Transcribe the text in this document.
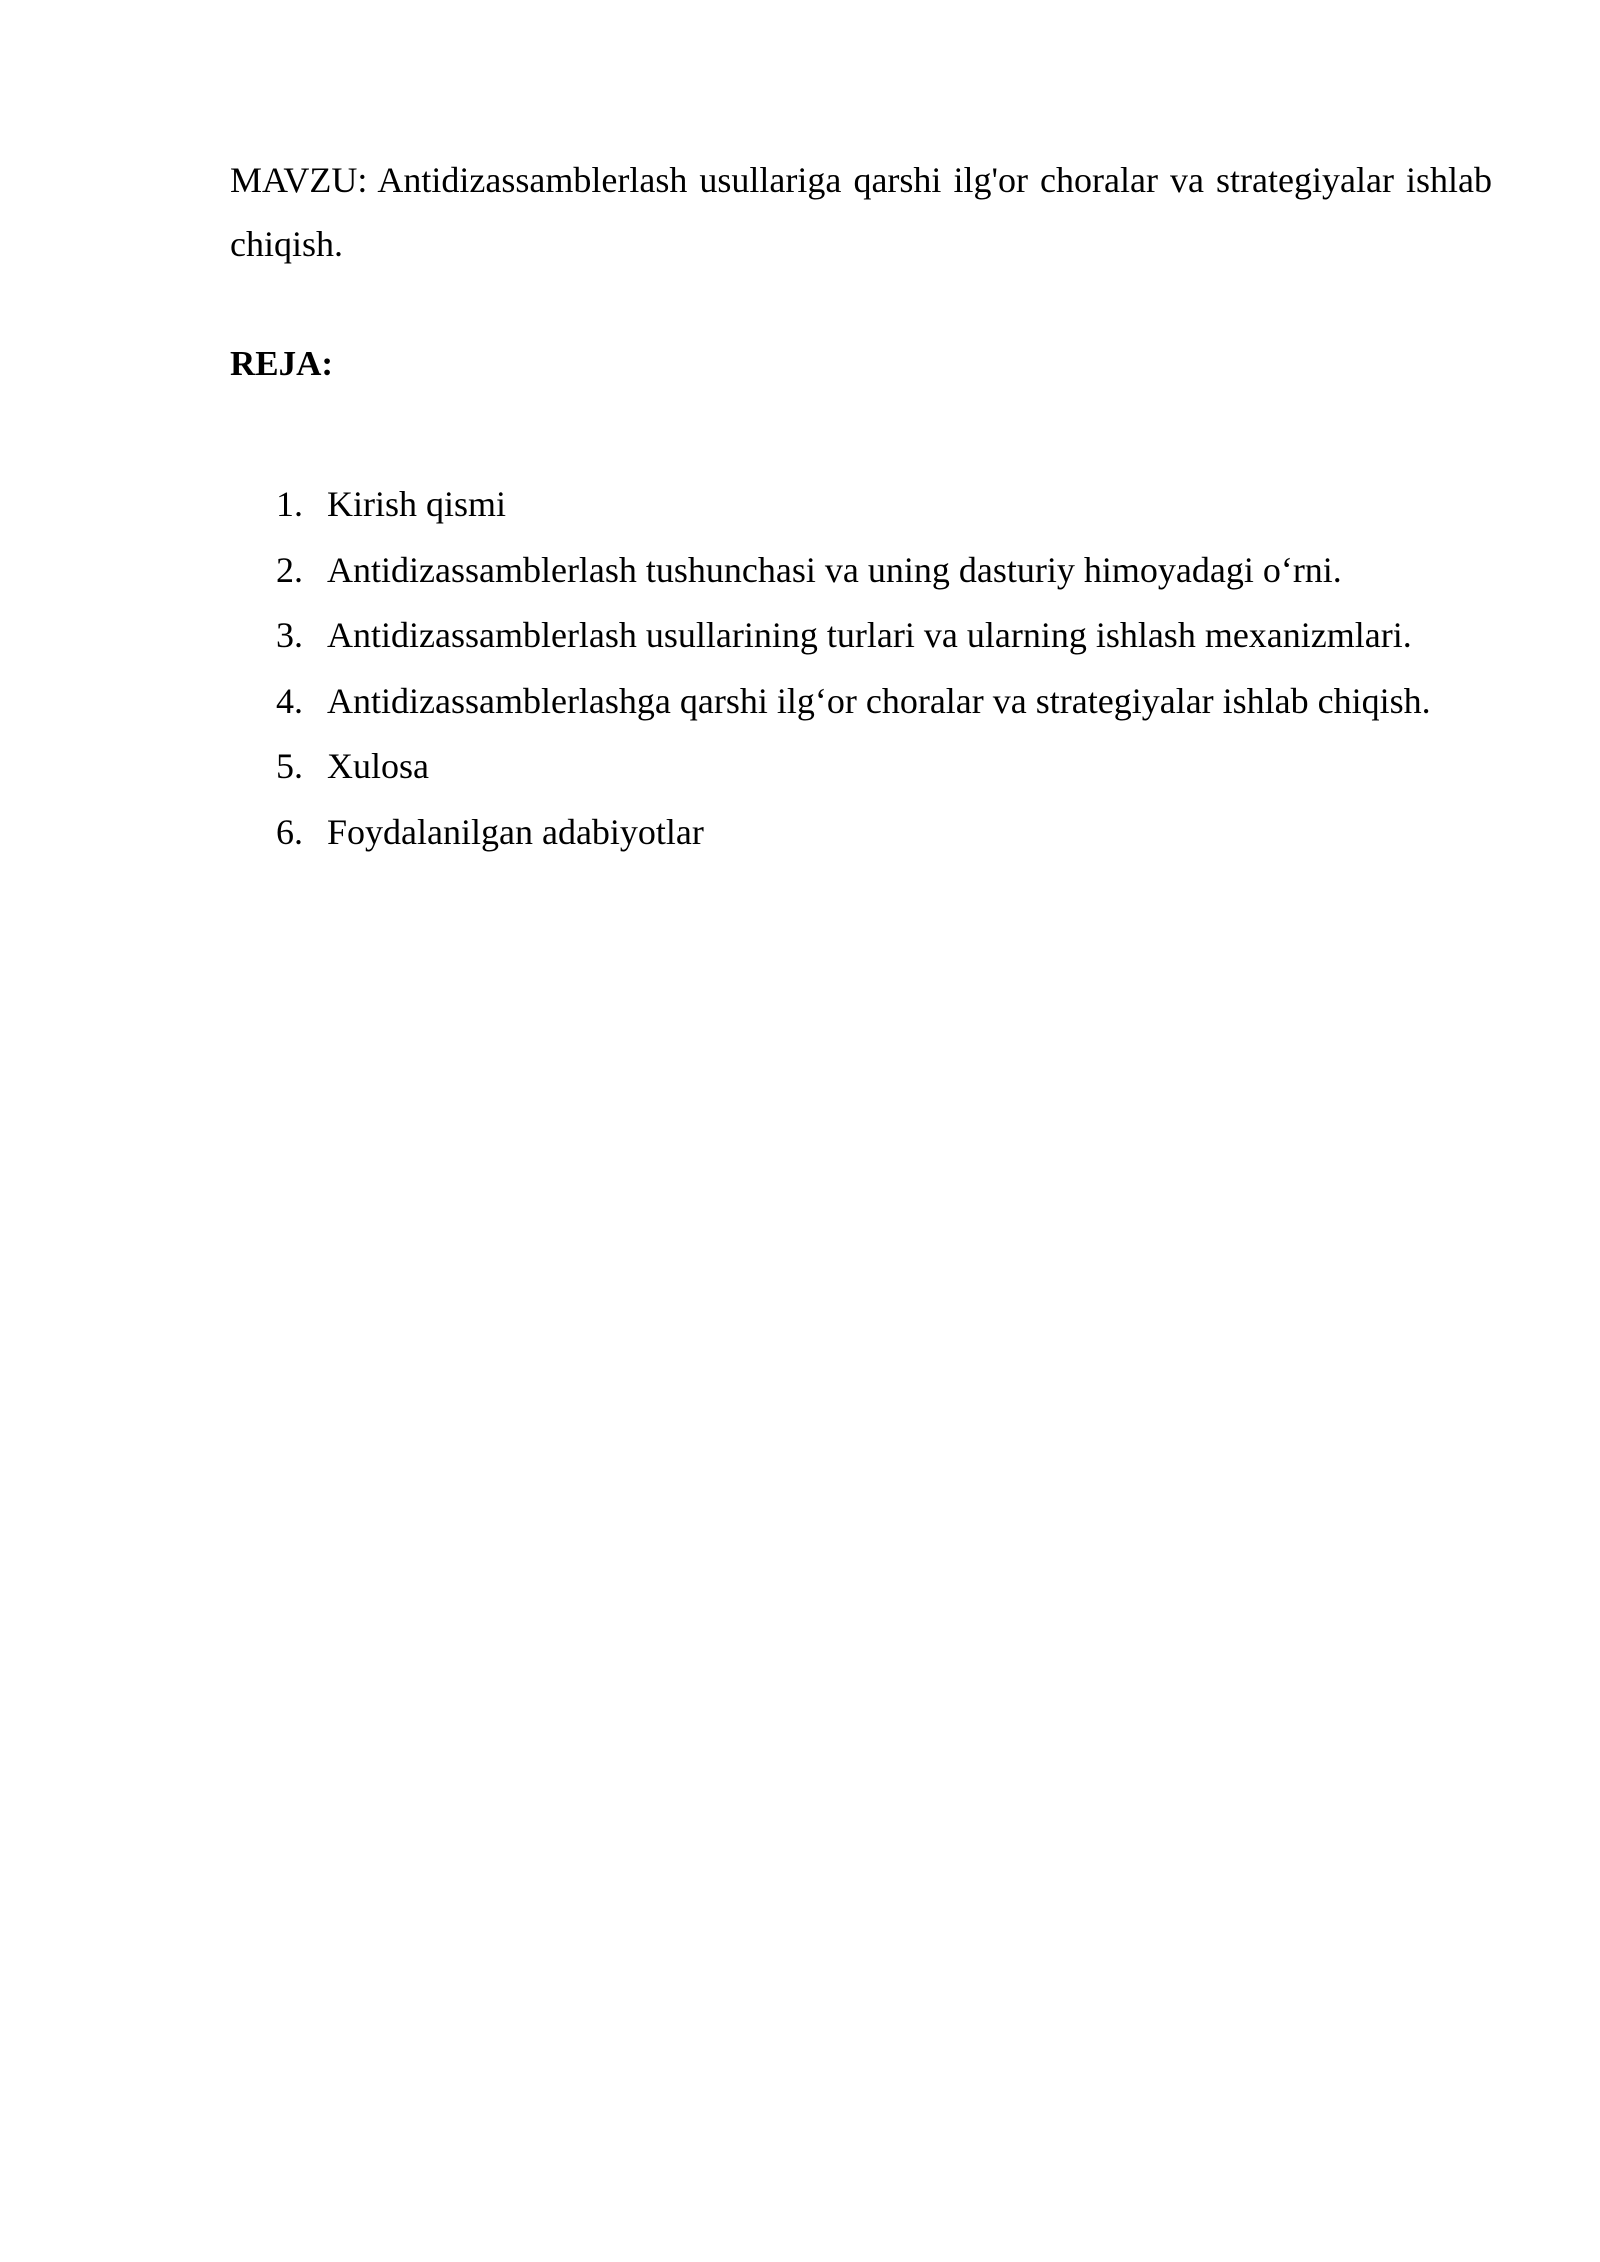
MAVZU: Antidizassamblerlash usullariga qarshi ilg'or choralar va strategiyalar ishlab chiqish.

REJA:

1. Kirish qismi
2. Antidizassamblerlash tushunchasi va uning dasturiy himoyadagi o‘rni.
3. Antidizassamblerlash usullarining turlari va ularning ishlash mexanizmlari.
4. Antidizassamblerlashga qarshi ilg‘or choralar va strategiyalar ishlab chiqish.
5. Xulosa
6. Foydalanilgan adabiyotlar
